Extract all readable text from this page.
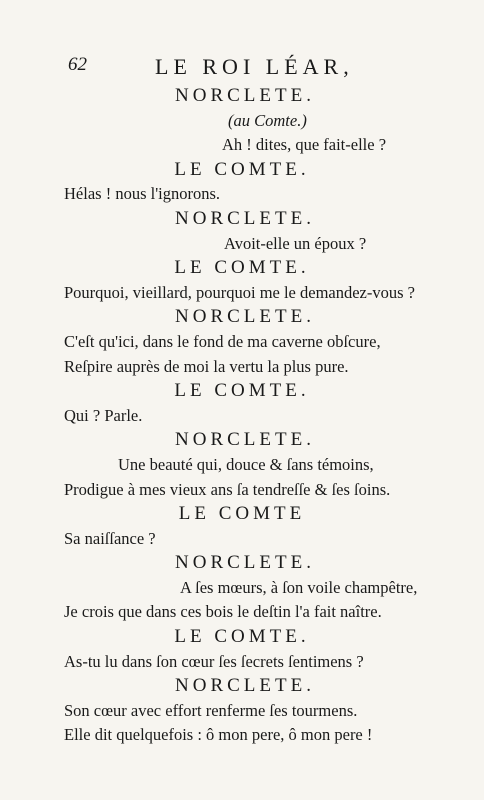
62	LE ROI LÉAR,
NORCLETE.
(au Comte.)
Ah ! dites, que fait-elle ?
LE COMTE.
Hélas ! nous l'ignorons.
NORCLETE.
Avoit-elle un époux ?
LE COMTE.
Pourquoi, vieillard, pourquoi me le demandez-vous ?
NORCLETE.
C'eſt qu'ici, dans le fond de ma caverne obſcure,
Reſpire auprès de moi la vertu la plus pure.
LE COMTE.
Qui ? Parle.
NORCLETE.
Une beauté qui, douce & ſans témoins,
Prodigue à mes vieux ans ſa tendreſſe & ſes ſoins.
LE COMTE
Sa naiſſance ?
NORCLETE.
A ſes mœurs, à ſon voile champêtre,
Je crois que dans ces bois le deſtin l'a fait naître.
LE COMTE.
As-tu lu dans ſon cœur ſes ſecrets ſentimens ?
NORCLETE.
Son cœur avec effort renferme ſes tourmens.
Elle dit quelquefois : ô mon pere, ô mon pere !
